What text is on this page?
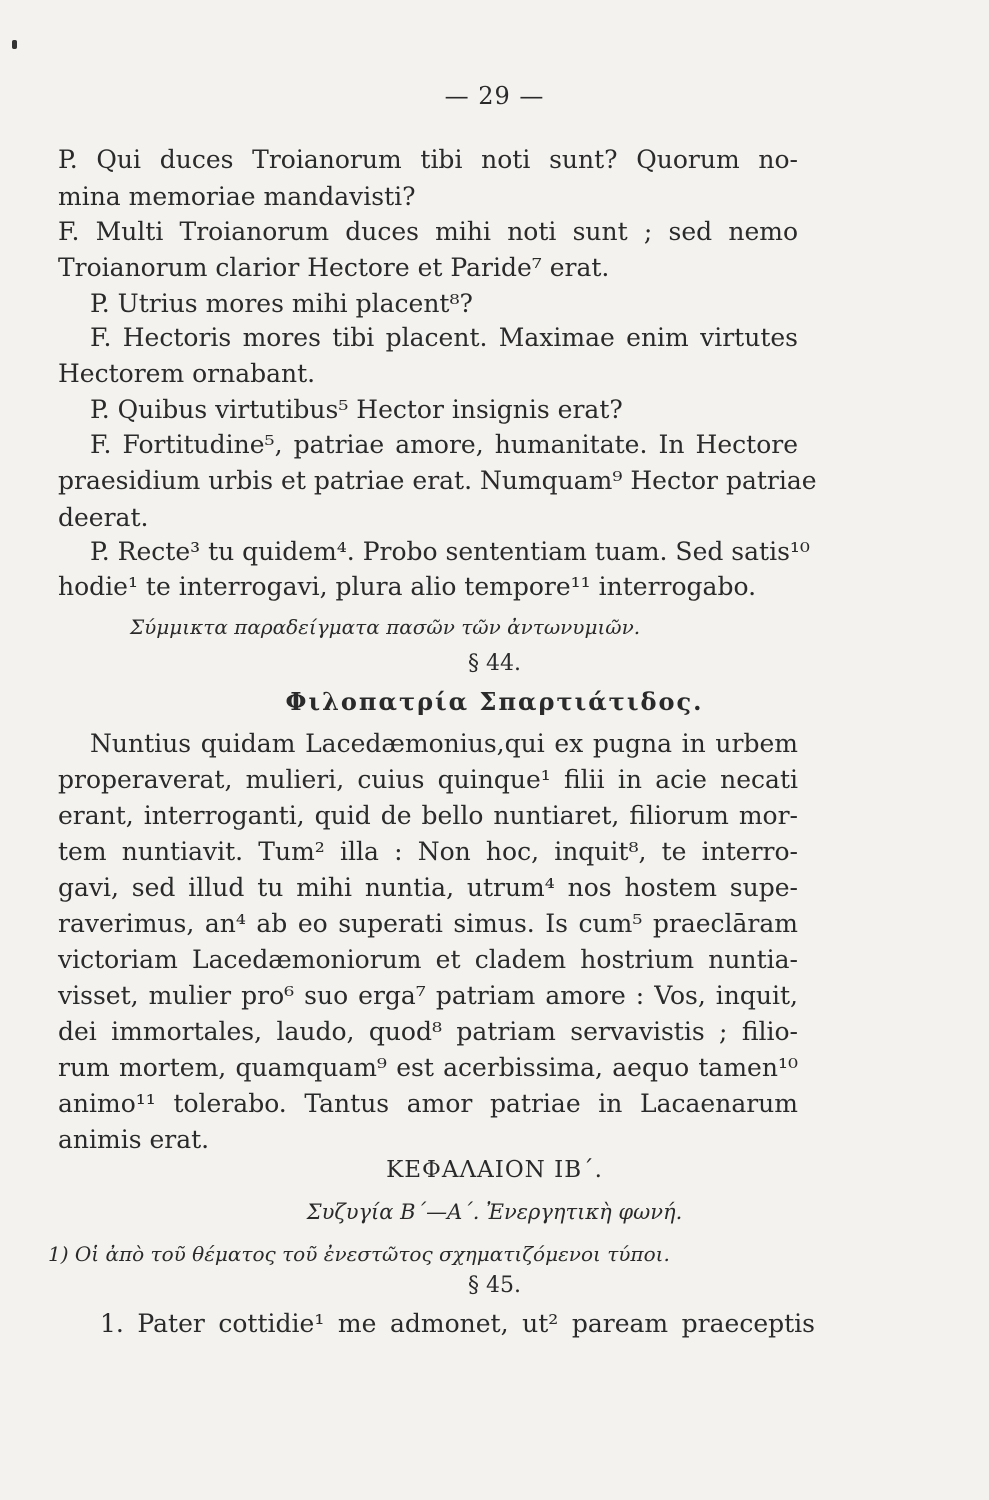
— 29 —
P. Qui duces Troianorum tibi noti sunt? Quorum no-
mina memoriae mandavisti?
F. Multi Troianorum duces mihi noti sunt ; sed nemo
Troianorum clarior Hectore et Paride⁷ erat.
P. Utrius mores mihi placent⁸?
F. Hectoris mores tibi placent. Maximae enim virtutes
Hectorem ornabant.
P. Quibus virtutibus⁵ Hector insignis erat?
F. Fortitudine⁵, patriae amore, humanitate. In Hectore
praesidium urbis et patriae erat. Numquam⁹ Hector patriae
deerat.
P. Recte³ tu quidem⁴. Probo sententiam tuam. Sed satis¹⁰
hodie¹ te interrogavi, plura alio tempore¹¹ interrogabo.
Σύμμικτα παραδείγματα πασῶν τῶν ἀντωνυμιῶν.
§ 44.
Φιλοπατρία Σπαρτιάτιδος.
Nuntius quidam Lacedæmonius,qui ex pugna in urbem
properaverat, mulieri, cuius quinque¹ filii in acie necati
erant, interroganti, quid de bello nuntiaret, filiorum mor-
tem nuntiavit. Tum² illa : Non hoc, inquit⁸, te interro-
gavi, sed illud tu mihi nuntia, utrum⁴ nos hostem supe-
raverimus, an⁴ ab eo superati simus. Is cum⁵ praeclāram
victoriam Lacedæmoniorum et cladem hostrium nuntia-
visset, mulier pro⁶ suo erga⁷ patriam amore : Vos, inquit,
dei immortales, laudo, quod⁸ patriam servavistis ; filio-
rum mortem, quamquam⁹ est acerbissima, aequo tamen¹⁰
animo¹¹ tolerabo. Tantus amor patriae in Lacaenarum
animis erat.
ΚΕΦΑΛΑΙΟΝ ΙΒ΄.
Συζυγία Β΄—Α΄. Ἐνεργητικὴ φωνή.
1) Οἱ ἀπὸ τοῦ θέματος τοῦ ἐνεστῶτος σχηματιζόμενοι τύποι.
§ 45.
1. Pater cottidie¹ me admonet, ut² paream praeceptis
